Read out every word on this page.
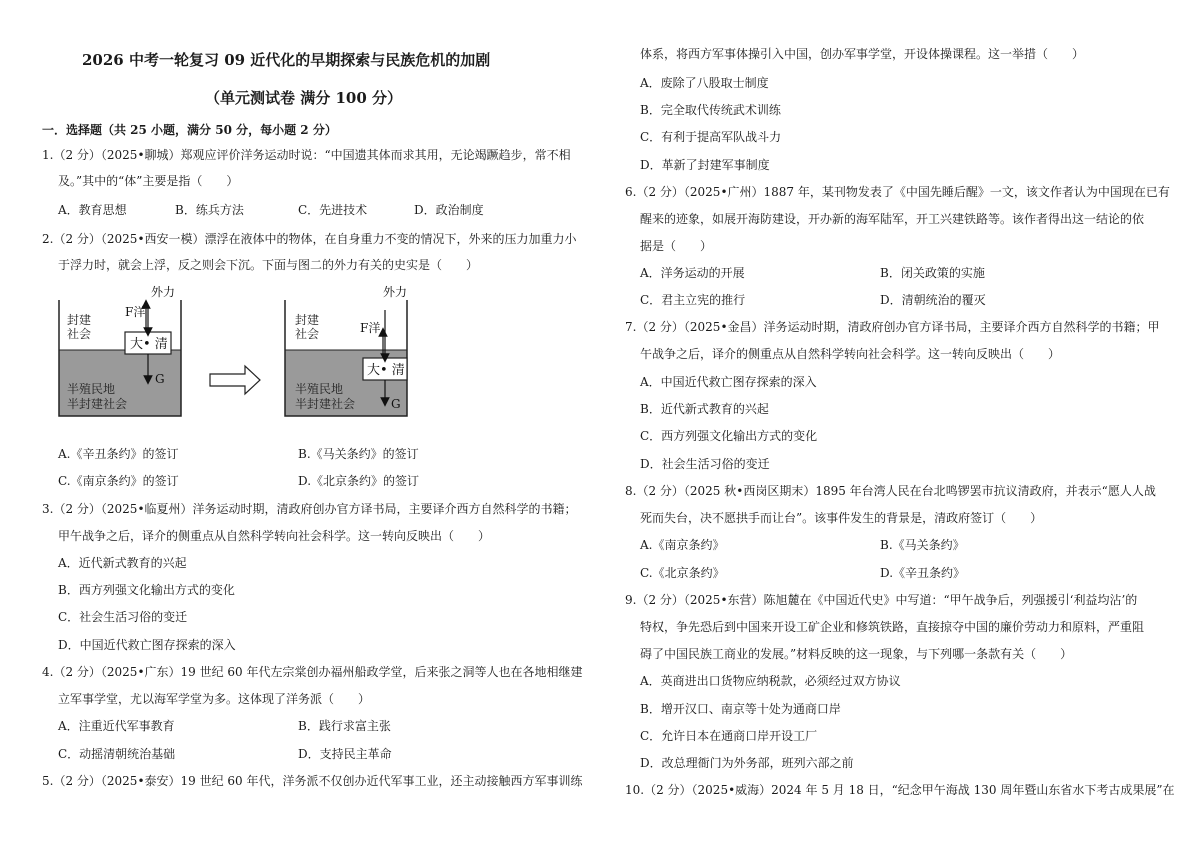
2026 中考一轮复习 09 近代化的早期探索与民族危机的加剧
（单元测试卷 满分 100 分）
一．选择题（共 25 小题，满分 50 分，每小题 2 分）
1.（2 分）（2025•聊城）郑观应评价洋务运动时说：“中国遗其体而求其用，无论竭蹶趋步，常不相
及。”其中的“体”主要是指（　　）
A．教育思想	B．练兵方法	C．先进技术	D．政治制度
2.（2 分）（2025•西安一模）漂浮在液体中的物体，在自身重力不变的情况下，外来的压力加重力小
于浮力时，就会上浮，反之则会下沉。下面与图二的外力有关的史实是（　　）
封建
社会
半殖民地
半封建社会
大• 清
外力
F洋
G
封建
社会
半殖民地
半封建社会
大• 清
外力
F洋
G
A.《辛丑条约》的签订	B.《马关条约》的签订
C.《南京条约》的签订	D.《北京条约》的签订
3.（2 分）（2025•临夏州）洋务运动时期，清政府创办官方译书局，主要译介西方自然科学的书籍；
甲午战争之后，译介的侧重点从自然科学转向社会科学。这一转向反映出（　　）
A．近代新式教育的兴起
B．西方列强文化输出方式的变化
C．社会生活习俗的变迁
D．中国近代救亡图存探索的深入
4.（2 分）（2025•广东）19 世纪 60 年代左宗棠创办福州船政学堂，后来张之洞等人也在各地相继建
立军事学堂，尤以海军学堂为多。这体现了洋务派（　　）
A．注重近代军事教育	B．践行求富主张
C．动摇清朝统治基础	D．支持民主革命
5.（2 分）（2025•泰安）19 世纪 60 年代，洋务派不仅创办近代军事工业，还主动接触西方军事训练
体系，将西方军事体操引入中国，创办军事学堂，开设体操课程。这一举措（　　）
A．废除了八股取士制度
B．完全取代传统武术训练
C．有利于提高军队战斗力
D．革新了封建军事制度
6.（2 分）（2025•广州）1887 年，某刊物发表了《中国先睡后醒》一文，该文作者认为中国现在已有
醒来的迹象，如展开海防建设，开办新的海军陆军，开工兴建铁路等。该作者得出这一结论的依
据是（　　）
A．洋务运动的开展	B．闭关政策的实施
C．君主立宪的推行	D．清朝统治的覆灭
7.（2 分）（2025•金昌）洋务运动时期，清政府创办官方译书局，主要译介西方自然科学的书籍；甲
午战争之后，译介的侧重点从自然科学转向社会科学。这一转向反映出（　　）
A．中国近代救亡图存探索的深入
B．近代新式教育的兴起
C．西方列强文化输出方式的变化
D．社会生活习俗的变迁
8.（2 分）（2025 秋•西岗区期末）1895 年台湾人民在台北鸣锣罢市抗议清政府，并表示“愿人人战
死而失台，决不愿拱手而让台”。该事件发生的背景是，清政府签订（　　）
A.《南京条约》	B.《马关条约》
C.《北京条约》	D.《辛丑条约》
9.（2 分）（2025•东营）陈旭麓在《中国近代史》中写道：“甲午战争后，列强援引‘利益均沾’的
特权，争先恐后到中国来开设工矿企业和修筑铁路，直接掠夺中国的廉价劳动力和原料，严重阻
碍了中国民族工商业的发展。”材料反映的这一现象，与下列哪一条款有关（　　）
A．英商进出口货物应纳税款，必须经过双方协议
B．增开汉口、南京等十处为通商口岸
C．允许日本在通商口岸开设工厂
D．改总理衙门为外务部，班列六部之前
10.（2 分）（2025•威海）2024 年 5 月 18 日，“纪念甲午海战 130 周年暨山东省水下考古成果展”在
